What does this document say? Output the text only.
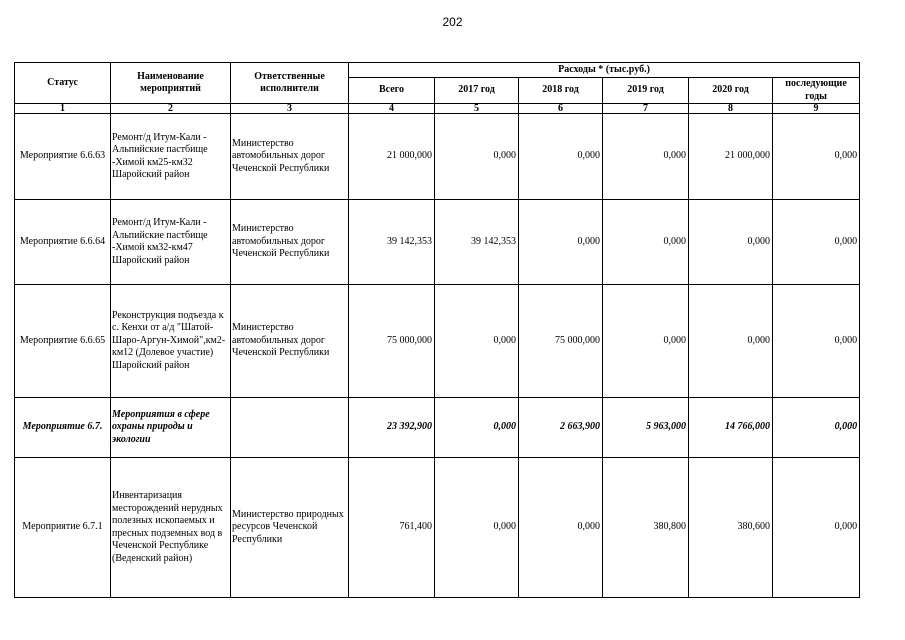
202
Статус	Наименование мероприятий	Ответственные исполнители	Расходы * (тыс.руб.)					
			Всего	2017 год	2018 год	2019 год	2020 год	последующие годы
1	2	3	4	5	6	7	8	9
Мероприятие 6.6.63	Ремонт/д Итум-Кали - Альпийские пастбище -Химой км25-км32 Шаройский район	Министерство автомобильных дорог Чеченской Республики	21 000,000	0,000	0,000	0,000	21 000,000	0,000
Мероприятие 6.6.64	Ремонт/д Итум-Кали - Альпийские пастбище -Химой км32-км47 Шаройский район	Министерство автомобильных дорог Чеченской Республики	39 142,353	39 142,353	0,000	0,000	0,000	0,000
Мероприятие 6.6.65	Реконструкция подъезда к с. Кенхи от а/д "Шатой-Шаро-Аргун-Химой",км2-км12 (Долевое участие) Шаройский район	Министерство автомобильных дорог Чеченской Республики	75 000,000	0,000	75 000,000	0,000	0,000	0,000
Мероприятие 6.7.	Мероприятия в сфере охраны природы и экологии		23 392,900	0,000	2 663,900	5 963,000	14 766,000	0,000
Мероприятие 6.7.1	Инвентаризация месторождений нерудных полезных ископаемых и пресных подземных вод в Чеченской Республике (Веденский район)	Министерство природных ресурсов Чеченской Республики	761,400	0,000	0,000	380,800	380,600	0,000
